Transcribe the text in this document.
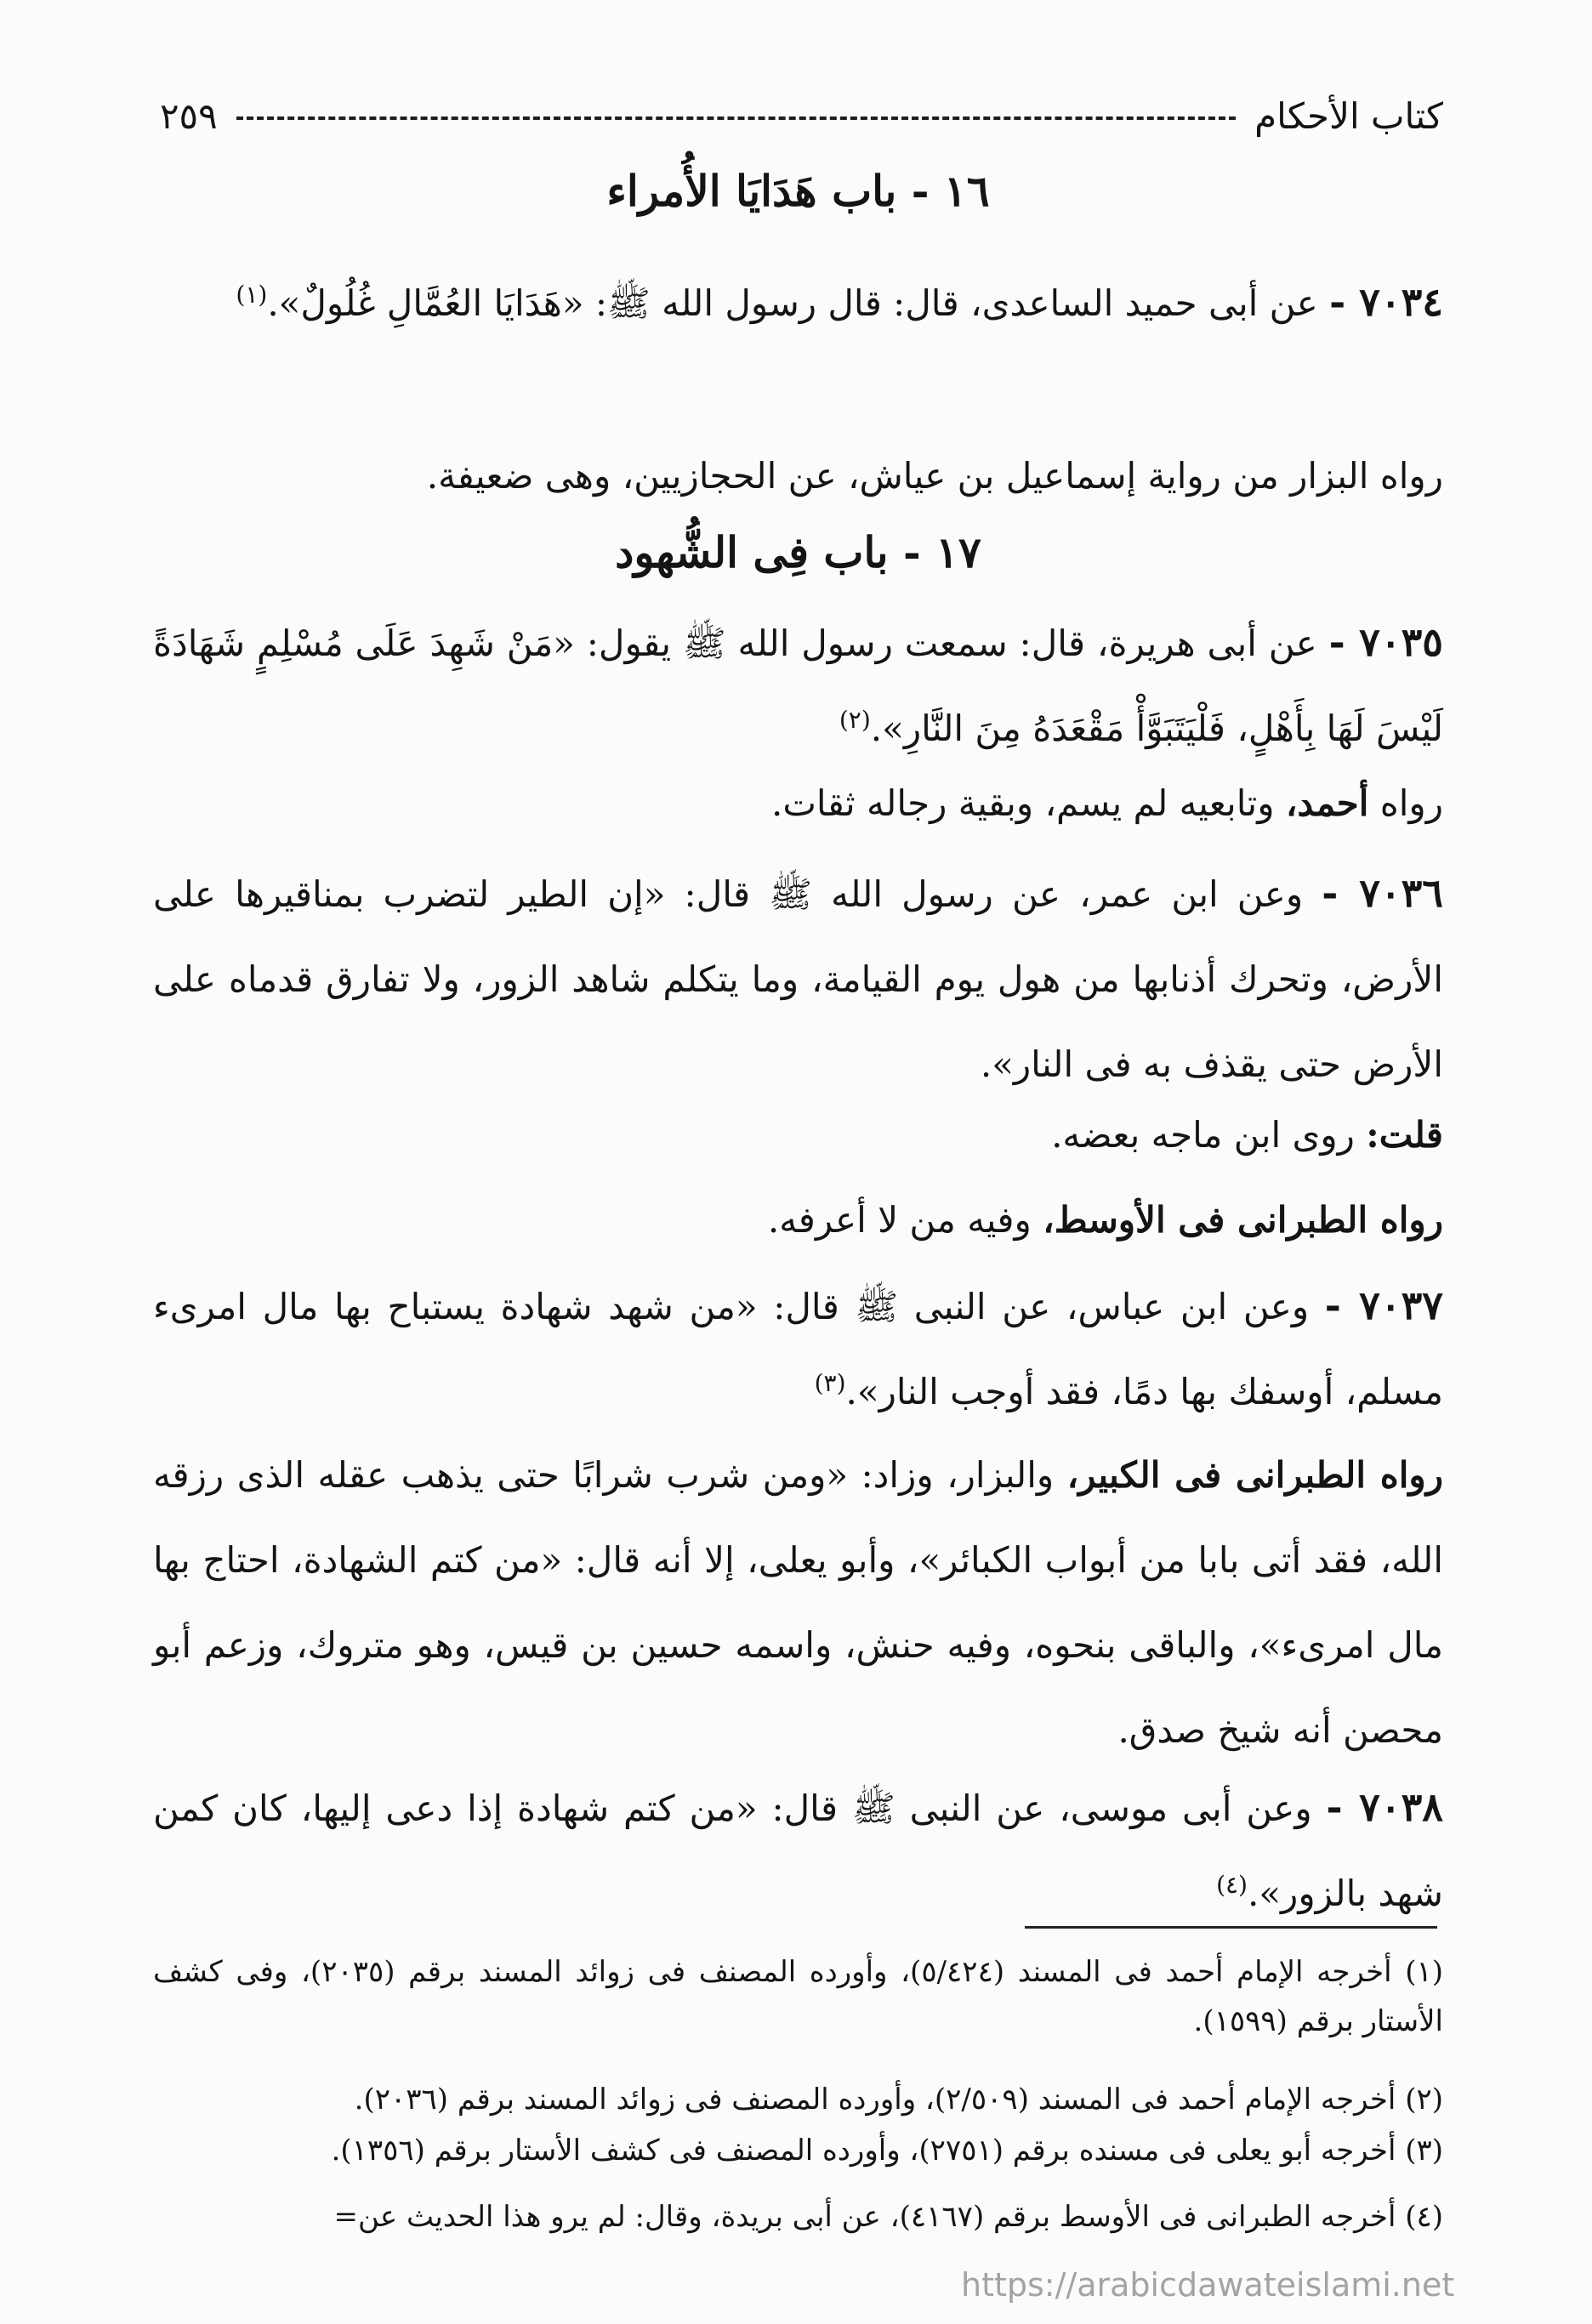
كتاب الأحكام
٢٥٩
١٦ - باب هَدَايَا الأُمراء
٧٠٣٤ - عن أبى حميد الساعدى، قال: قال رسول الله ﷺ: «هَدَايَا العُمَّالِ غُلُولٌ».$^{(١)}$
رواه البزار من رواية إسماعيل بن عياش، عن الحجازيين، وهى ضعيفة.
١٧ - باب فِى الشُّهود
٧٠٣٥ - عن أبى هريرة، قال: سمعت رسول الله ﷺ يقول: «مَنْ شَهِدَ عَلَى مُسْلِمٍ شَهَادَةً لَيْسَ لَهَا بِأَهْلٍ، فَلْيَتَبَوَّأْ مَقْعَدَهُ مِنَ النَّارِ».$^{(٢)}$
رواه أحمد، وتابعيه لم يسم، وبقية رجاله ثقات.
٧٠٣٦ - وعن ابن عمر، عن رسول الله ﷺ قال: «إن الطير لتضرب بمناقيرها على الأرض، وتحرك أذنابها من هول يوم القيامة، وما يتكلم شاهد الزور، ولا تفارق قدماه على الأرض حتى يقذف به فى النار».
قلت: روى ابن ماجه بعضه.
رواه الطبرانى فى الأوسط، وفيه من لا أعرفه.
٧٠٣٧ - وعن ابن عباس، عن النبى ﷺ قال: «من شهد شهادة يستباح بها مال امرىء مسلم، أوسفك بها دمًا، فقد أوجب النار».$^{(٣)}$
رواه الطبرانى فى الكبير، والبزار، وزاد: «ومن شرب شرابًا حتى يذهب عقله الذى رزقه الله، فقد أتى بابا من أبواب الكبائر»، وأبو يعلى، إلا أنه قال: «من كتم الشهادة، احتاج بها مال امرىء»، والباقى بنحوه، وفيه حنش، واسمه حسين بن قيس، وهو متروك، وزعم أبو محصن أنه شيخ صدق.
٧٠٣٨ - وعن أبى موسى، عن النبى ﷺ قال: «من كتم شهادة إذا دعى إليها، كان كمن شهد بالزور».$^{(٤)}$
(١) أخرجه الإمام أحمد فى المسند (٥/٤٢٤)، وأورده المصنف فى زوائد المسند برقم (٢٠٣٥)، وفى كشف الأستار برقم (١٥٩٩).
(٢) أخرجه الإمام أحمد فى المسند (٢/٥٠٩)، وأورده المصنف فى زوائد المسند برقم (٢٠٣٦).
(٣) أخرجه أبو يعلى فى مسنده برقم (٢٧٥١)، وأورده المصنف فى كشف الأستار برقم (١٣٥٦).
(٤) أخرجه الطبرانى فى الأوسط برقم (٤١٦٧)، عن أبى بريدة، وقال: لم يرو هذا الحديث عن=
https://arabicdawateislami.net
